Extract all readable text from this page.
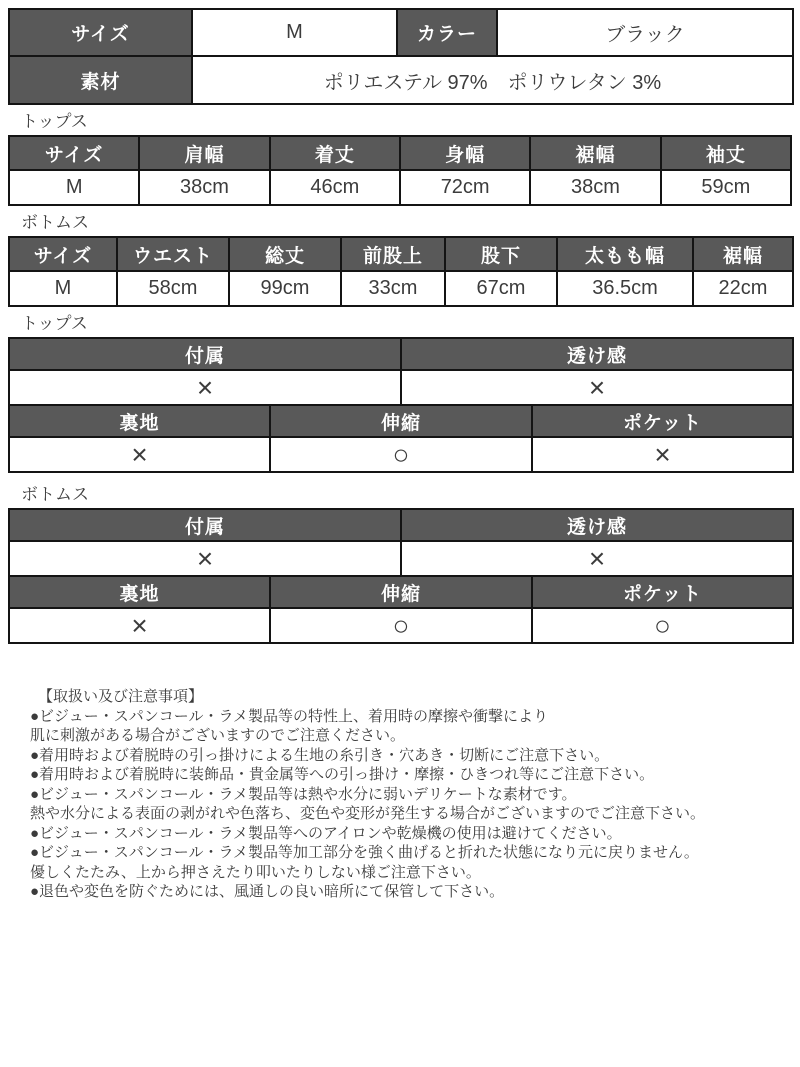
サイズ	M	カラー	ブラック
素材	ポリエステル 97%　ポリウレタン 3%		
トップス
サイズ	肩幅	着丈	身幅	裾幅	袖丈
M	38cm	46cm	72cm	38cm	59cm
ボトムス
サイズ	ウエスト	総丈	前股上	股下	太もも幅	裾幅
M	58cm	99cm	33cm	67cm	36.5cm	22cm
トップス
付属		透け感	
×		×	
裏地	伸縮		ポケット
×	○		×
ボトムス
付属		透け感	
×		×	
裏地	伸縮		ポケット
×	○		○
【取扱い及び注意事項】
●ビジュー・スパンコール・ラメ製品等の特性上、着用時の摩擦や衝撃により
肌に刺激がある場合がございますのでご注意ください。
●着用時および着脱時の引っ掛けによる生地の糸引き・穴あき・切断にご注意下さい。
●着用時および着脱時に装飾品・貴金属等への引っ掛け・摩擦・ひきつれ等にご注意下さい。
●ビジュー・スパンコール・ラメ製品等は熱や水分に弱いデリケートな素材です。
熱や水分による表面の剥がれや色落ち、変色や変形が発生する場合がございますのでご注意下さい。
●ビジュー・スパンコール・ラメ製品等へのアイロンや乾燥機の使用は避けてください。
●ビジュー・スパンコール・ラメ製品等加工部分を強く曲げると折れた状態になり元に戻りません。
優しくたたみ、上から押さえたり叩いたりしない様ご注意下さい。
●退色や変色を防ぐためには、風通しの良い暗所にて保管して下さい。
